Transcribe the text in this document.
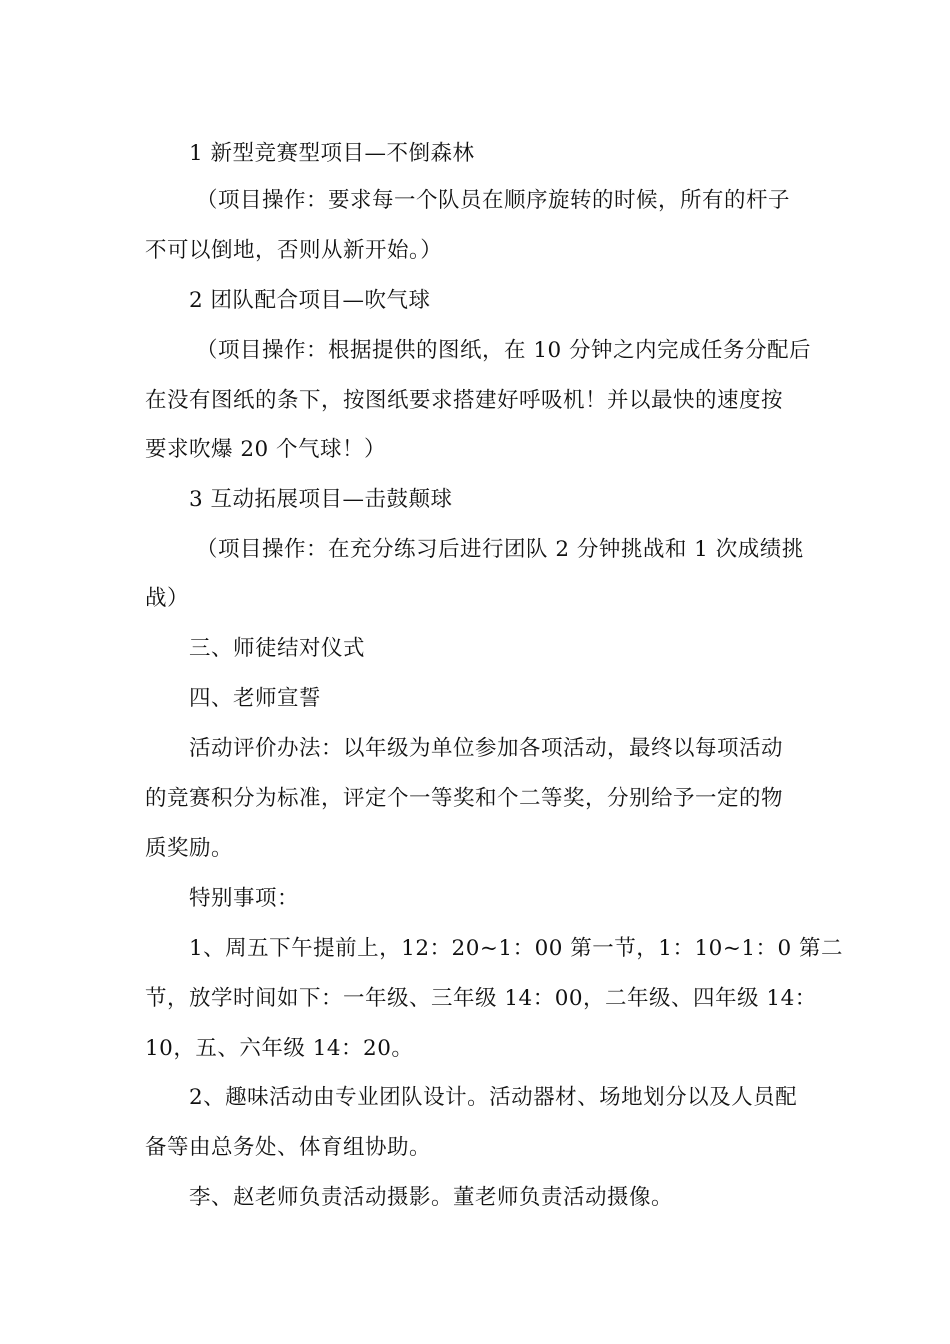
1 新型竞赛型项目—不倒森林
（项目操作：要求每一个队员在顺序旋转的时候，所有的杆子
不可以倒地，否则从新开始。）
2 团队配合项目—吹气球
（项目操作：根据提供的图纸，在 10 分钟之内完成任务分配后
在没有图纸的条下，按图纸要求搭建好呼吸机！并以最快的速度按
要求吹爆 20 个气球！）
3 互动拓展项目—击鼓颠球
（项目操作：在充分练习后进行团队 2 分钟挑战和 1 次成绩挑
战）
三、师徒结对仪式
四、老师宣誓
活动评价办法：以年级为单位参加各项活动，最终以每项活动
的竞赛积分为标准，评定个一等奖和个二等奖，分别给予一定的物
质奖励。
特别事项：
1、周五下午提前上，12：20~1：00 第一节，1：10~1：0 第二
节，放学时间如下：一年级、三年级 14：00，二年级、四年级 14：
10，五、六年级 14：20。
2、趣味活动由专业团队设计。活动器材、场地划分以及人员配
备等由总务处、体育组协助。
李、赵老师负责活动摄影。董老师负责活动摄像。
